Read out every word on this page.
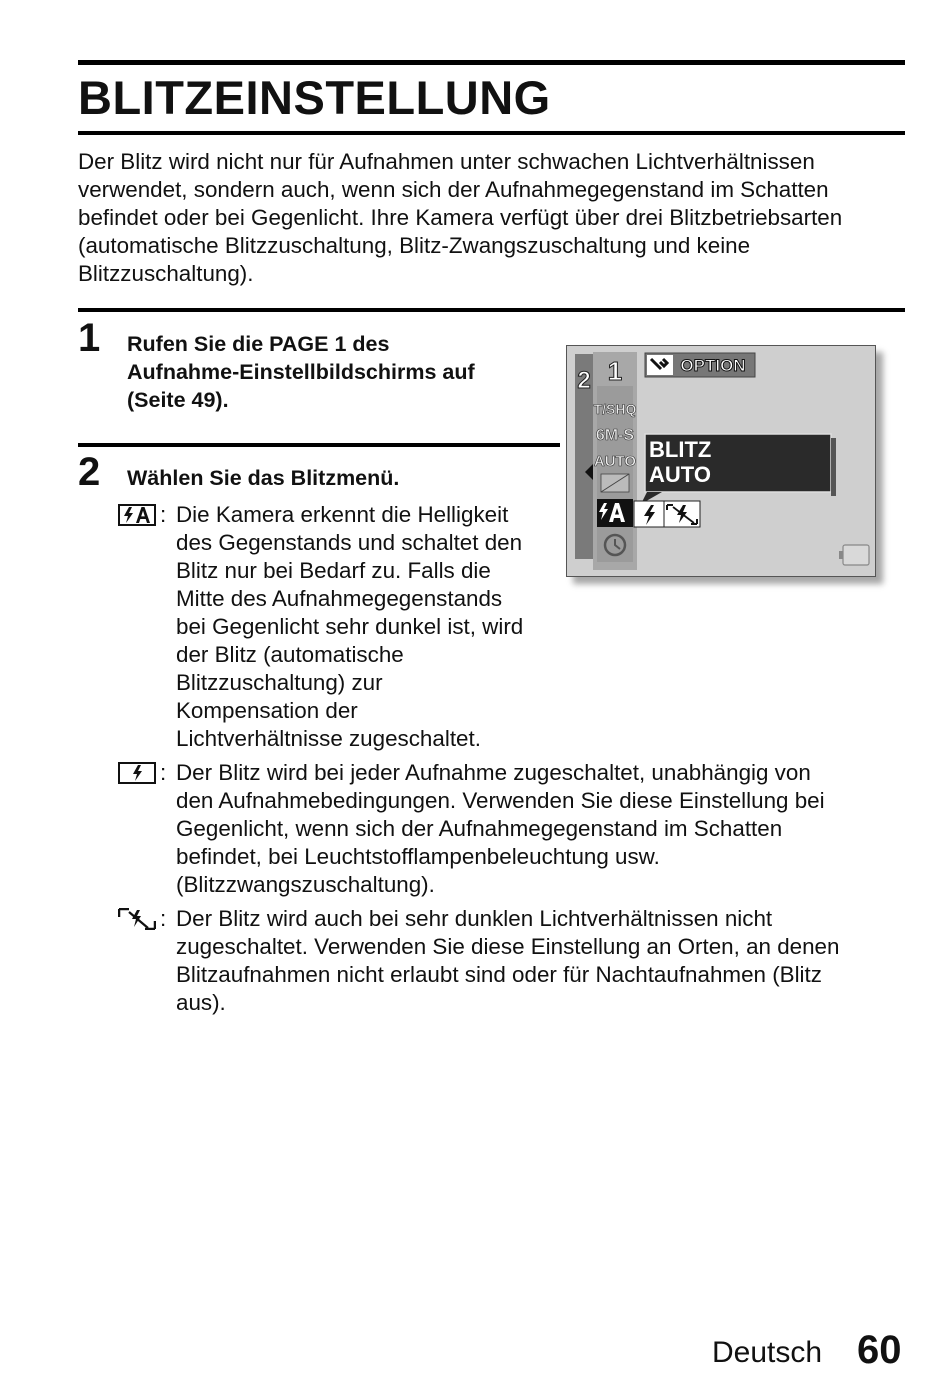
BLITZEINSTELLUNG

Der Blitz wird nicht nur für Aufnahmen unter schwachen Lichtverhältnissen verwendet, sondern auch, wenn sich der Aufnahmegegenstand im Schatten befindet oder bei Gegenlicht. Ihre Kamera verfügt über drei Blitzbetriebsarten (automatische Blitzzuschaltung, Blitz-Zwangszuschaltung und keine Blitzzuschaltung).

1 Rufen Sie die PAGE 1 des
Aufnahme-Einstellbildschirms auf
(Seite 49).
2 Wählen Sie das Blitzmenü.
: Die Kamera erkennt die Helligkeit
des Gegenstands und schaltet den
Blitz nur bei Bedarf zu. Falls die
Mitte des Aufnahmegegenstands
bei Gegenlicht sehr dunkel ist, wird
der Blitz (automatische
Blitzzuschaltung) zur
Kompensation der
Lichtverhältnisse zugeschaltet.
: Der Blitz wird bei jeder Aufnahme zugeschaltet, unabhängig von
den Aufnahmebedingungen. Verwenden Sie diese Einstellung bei
Gegenlicht, wenn sich der Aufnahmegegenstand im Schatten
befindet, bei Leuchtstofflampenbeleuchtung usw.
(Blitzzwangszuschaltung).
: Der Blitz wird auch bei sehr dunklen Lichtverhältnissen nicht
zugeschaltet. Verwenden Sie diese Einstellung an Orten, an denen
Blitzaufnahmen nicht erlaubt sind oder für Nachtaufnahmen (Blitz
aus).
2 1
T/SHQ
6M-S
AUTO
OPTION
BLITZ
AUTO
Deutsch 60
